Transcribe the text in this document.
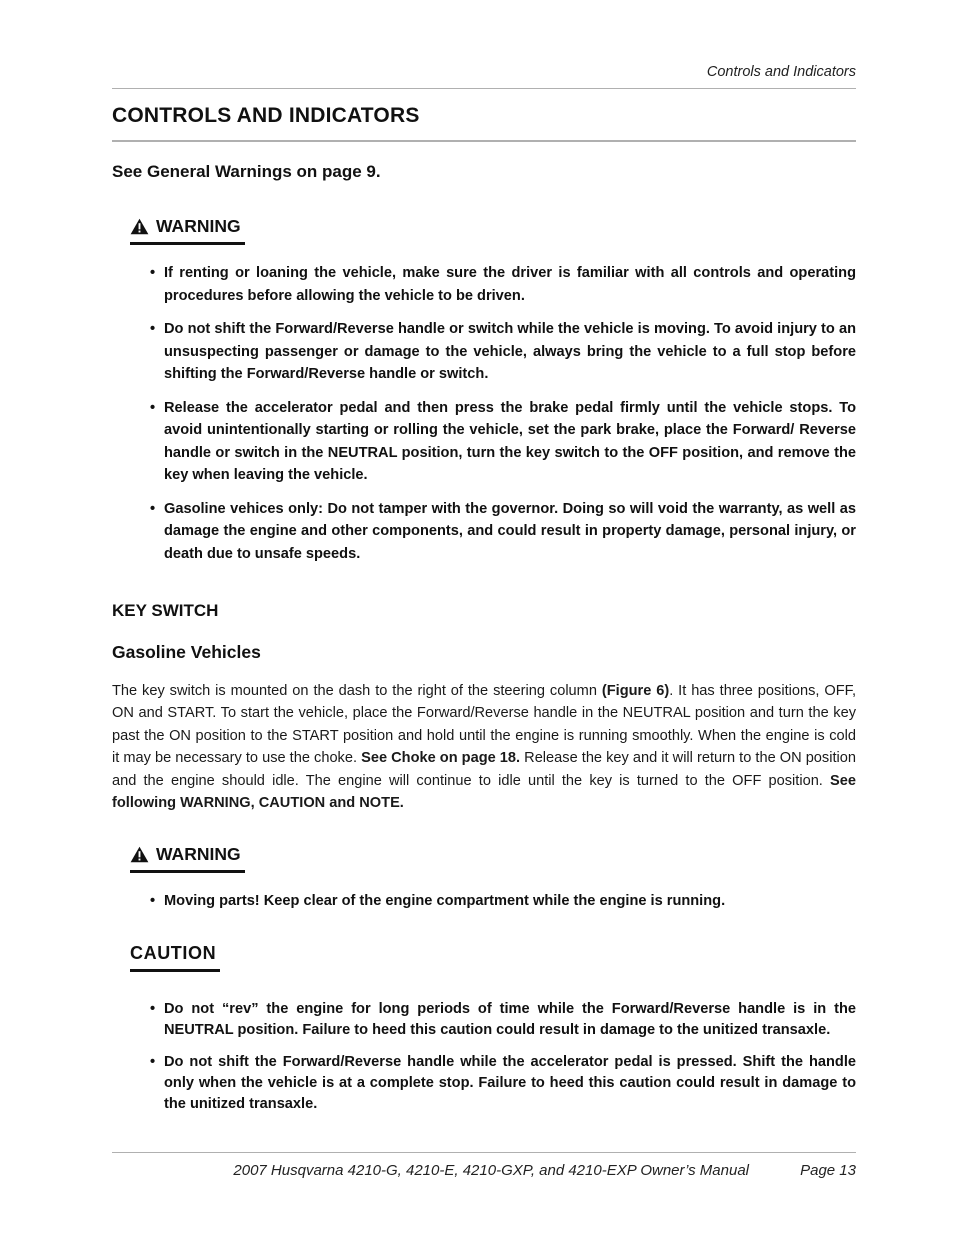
Controls and Indicators
CONTROLS AND INDICATORS
See General Warnings on page 9.
WARNING
• If renting or loaning the vehicle, make sure the driver is familiar with all controls and operating procedures before allowing the vehicle to be driven.
• Do not shift the Forward/Reverse handle or switch while the vehicle is moving. To avoid injury to an unsuspecting passenger or damage to the vehicle, always bring the vehicle to a full stop before shifting the Forward/Reverse handle or switch.
• Release the accelerator pedal and then press the brake pedal firmly until the vehicle stops. To avoid unintentionally starting or rolling the vehicle, set the park brake, place the Forward/ Reverse handle or switch in the NEUTRAL position, turn the key switch to the OFF position, and remove the key when leaving the vehicle.
• Gasoline vehices only: Do not tamper with the governor. Doing so will void the warranty, as well as damage the engine and other components, and could result in property damage, personal injury, or death due to unsafe speeds.
KEY SWITCH
Gasoline Vehicles

The key switch is mounted on the dash to the right of the steering column (Figure 6). It has three positions, OFF, ON and START. To start the vehicle, place the Forward/Reverse handle in the NEUTRAL position and turn the key past the ON position to the START position and hold until the engine is running smoothly. When the engine is cold it may be necessary to use the choke. See Choke on page 18. Release the key and it will return to the ON position and the engine should idle. The engine will continue to idle until the key is turned to the OFF position. See following WARNING, CAUTION and NOTE.

WARNING
• Moving parts! Keep clear of the engine compartment while the engine is running.
CAUTION
• Do not “rev” the engine for long periods of time while the Forward/Reverse handle is in the NEUTRAL position. Failure to heed this caution could result in damage to the unitized transaxle.
• Do not shift the Forward/Reverse handle while the accelerator pedal is pressed. Shift the handle only when the vehicle is at a complete stop. Failure to heed this caution could result in damage to the unitized transaxle.
2007 Husqvarna 4210-G, 4210-E, 4210-GXP, and 4210-EXP Owner’s Manual	Page 13
